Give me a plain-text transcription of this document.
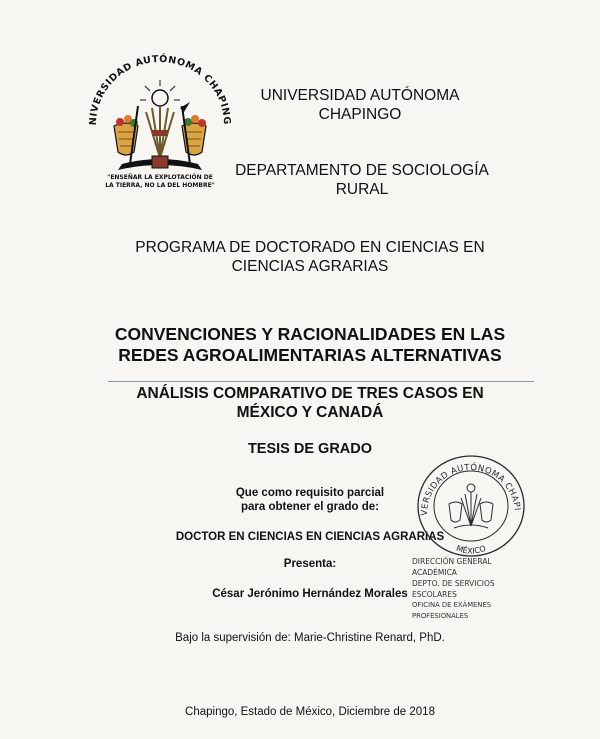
NIVERSIDAD AUTÓNOMA CHAPING
"ENSEÑAR LA EXPLOTACIÓN DE
LA TIERRA, NO LA DEL HOMBRE"
UNIVERSIDAD AUTÓNOMA
CHAPINGO
DEPARTAMENTO DE SOCIOLOGÍA
RURAL
PROGRAMA DE DOCTORADO EN CIENCIAS EN
CIENCIAS AGRARIAS
CONVENCIONES Y RACIONALIDADES EN LAS
REDES AGROALIMENTARIAS ALTERNATIVAS
ANÁLISIS COMPARATIVO DE TRES CASOS EN
MÉXICO Y CANADÁ
TESIS DE GRADO
Que como requisito parcial
para obtener el grado de:
DOCTOR EN CIENCIAS EN CIENCIAS AGRARIAS
Presenta:
César Jerónimo Hernández Morales
Bajo la supervisión de: Marie-Christine Renard, PhD.
Chapingo, Estado de México, Diciembre de 2018
VERSIDAD AUTÓNOMA CHAPI
MÉXICO
DIRECCIÓN GENERAL ACADÉMICA
DEPTO. DE SERVICIOS ESCOLARES
OFICINA DE EXÁMENES PROFESIONALES
